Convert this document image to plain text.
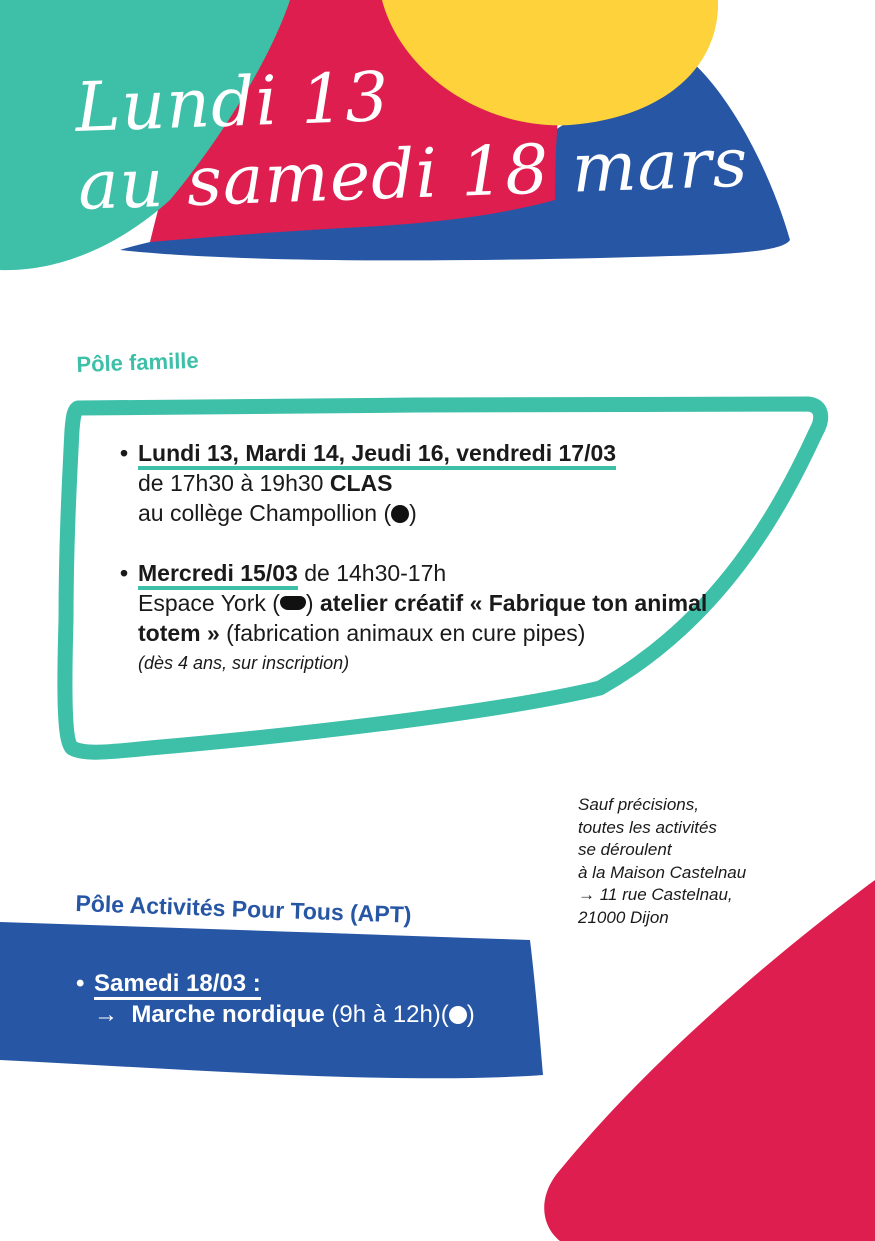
Lundi 13
au samedi 18 mars
Pôle famille
• Lundi 13, Mardi 14, Jeudi 16, vendredi 17/03
de 17h30 à 19h30 CLAS
au collège Champollion ( )
• Mercredi 15/03 de 14h30-17h
Espace York ( ) atelier créatif « Fabrique ton animal totem » (fabrication animaux en cure pipes)
(dès 4 ans, sur inscription)
Sauf précisions,
toutes les activités
se déroulent
à la Maison Castelnau
→ 11 rue Castelnau,
21000 Dijon
Pôle Activités Pour Tous (APT)
• Samedi 18/03 :
→ Marche nordique (9h à 12h)( )
